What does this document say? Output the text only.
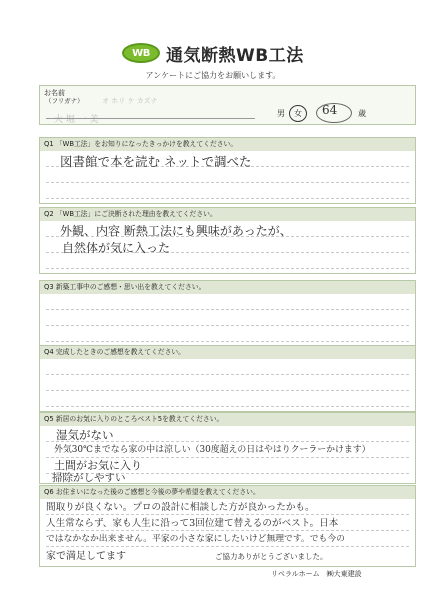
WB 通気断熱WB工法
アンケートにご協力をお願いします。
お名前
（フリガナ）	オ ホリ ケ カズナ
大 堀 一 美
男 女 64	歳
Q1 「WB工法」をお知りになったきっかけを教えてください。
図書館で本を読む ネットで調べた
Q2 「WB工法」にご決断された理由を教えてください。
外観、内容 断熱工法にも興味があったが、
自然体が気に入った
Q3 新築工事中のご感想・思い出を教えてください。
Q4 完成したときのご感想を教えてください。
Q5 新居のお気に入りのところベスト5を教えてください。
湿気がない
外気30℃までなら家の中は涼しい（30度超えの日はやはりクーラーかけます）
土間がお気に入り
掃除がしやすい
Q6 お住まいになった後のご感想と今後の夢や希望を教えてください。
間取りが良くない。プロの設計に相談した方が良かったかも。
人生常ならず、家も人生に沿って3回位建て替えるのがベスト。日本
ではなかなか出来ません。平家の小さな家にしたいけど無理です。でも今の
家で満足してます	ご協力ありがとうございました。
リベラルホーム　㈱大東建設
